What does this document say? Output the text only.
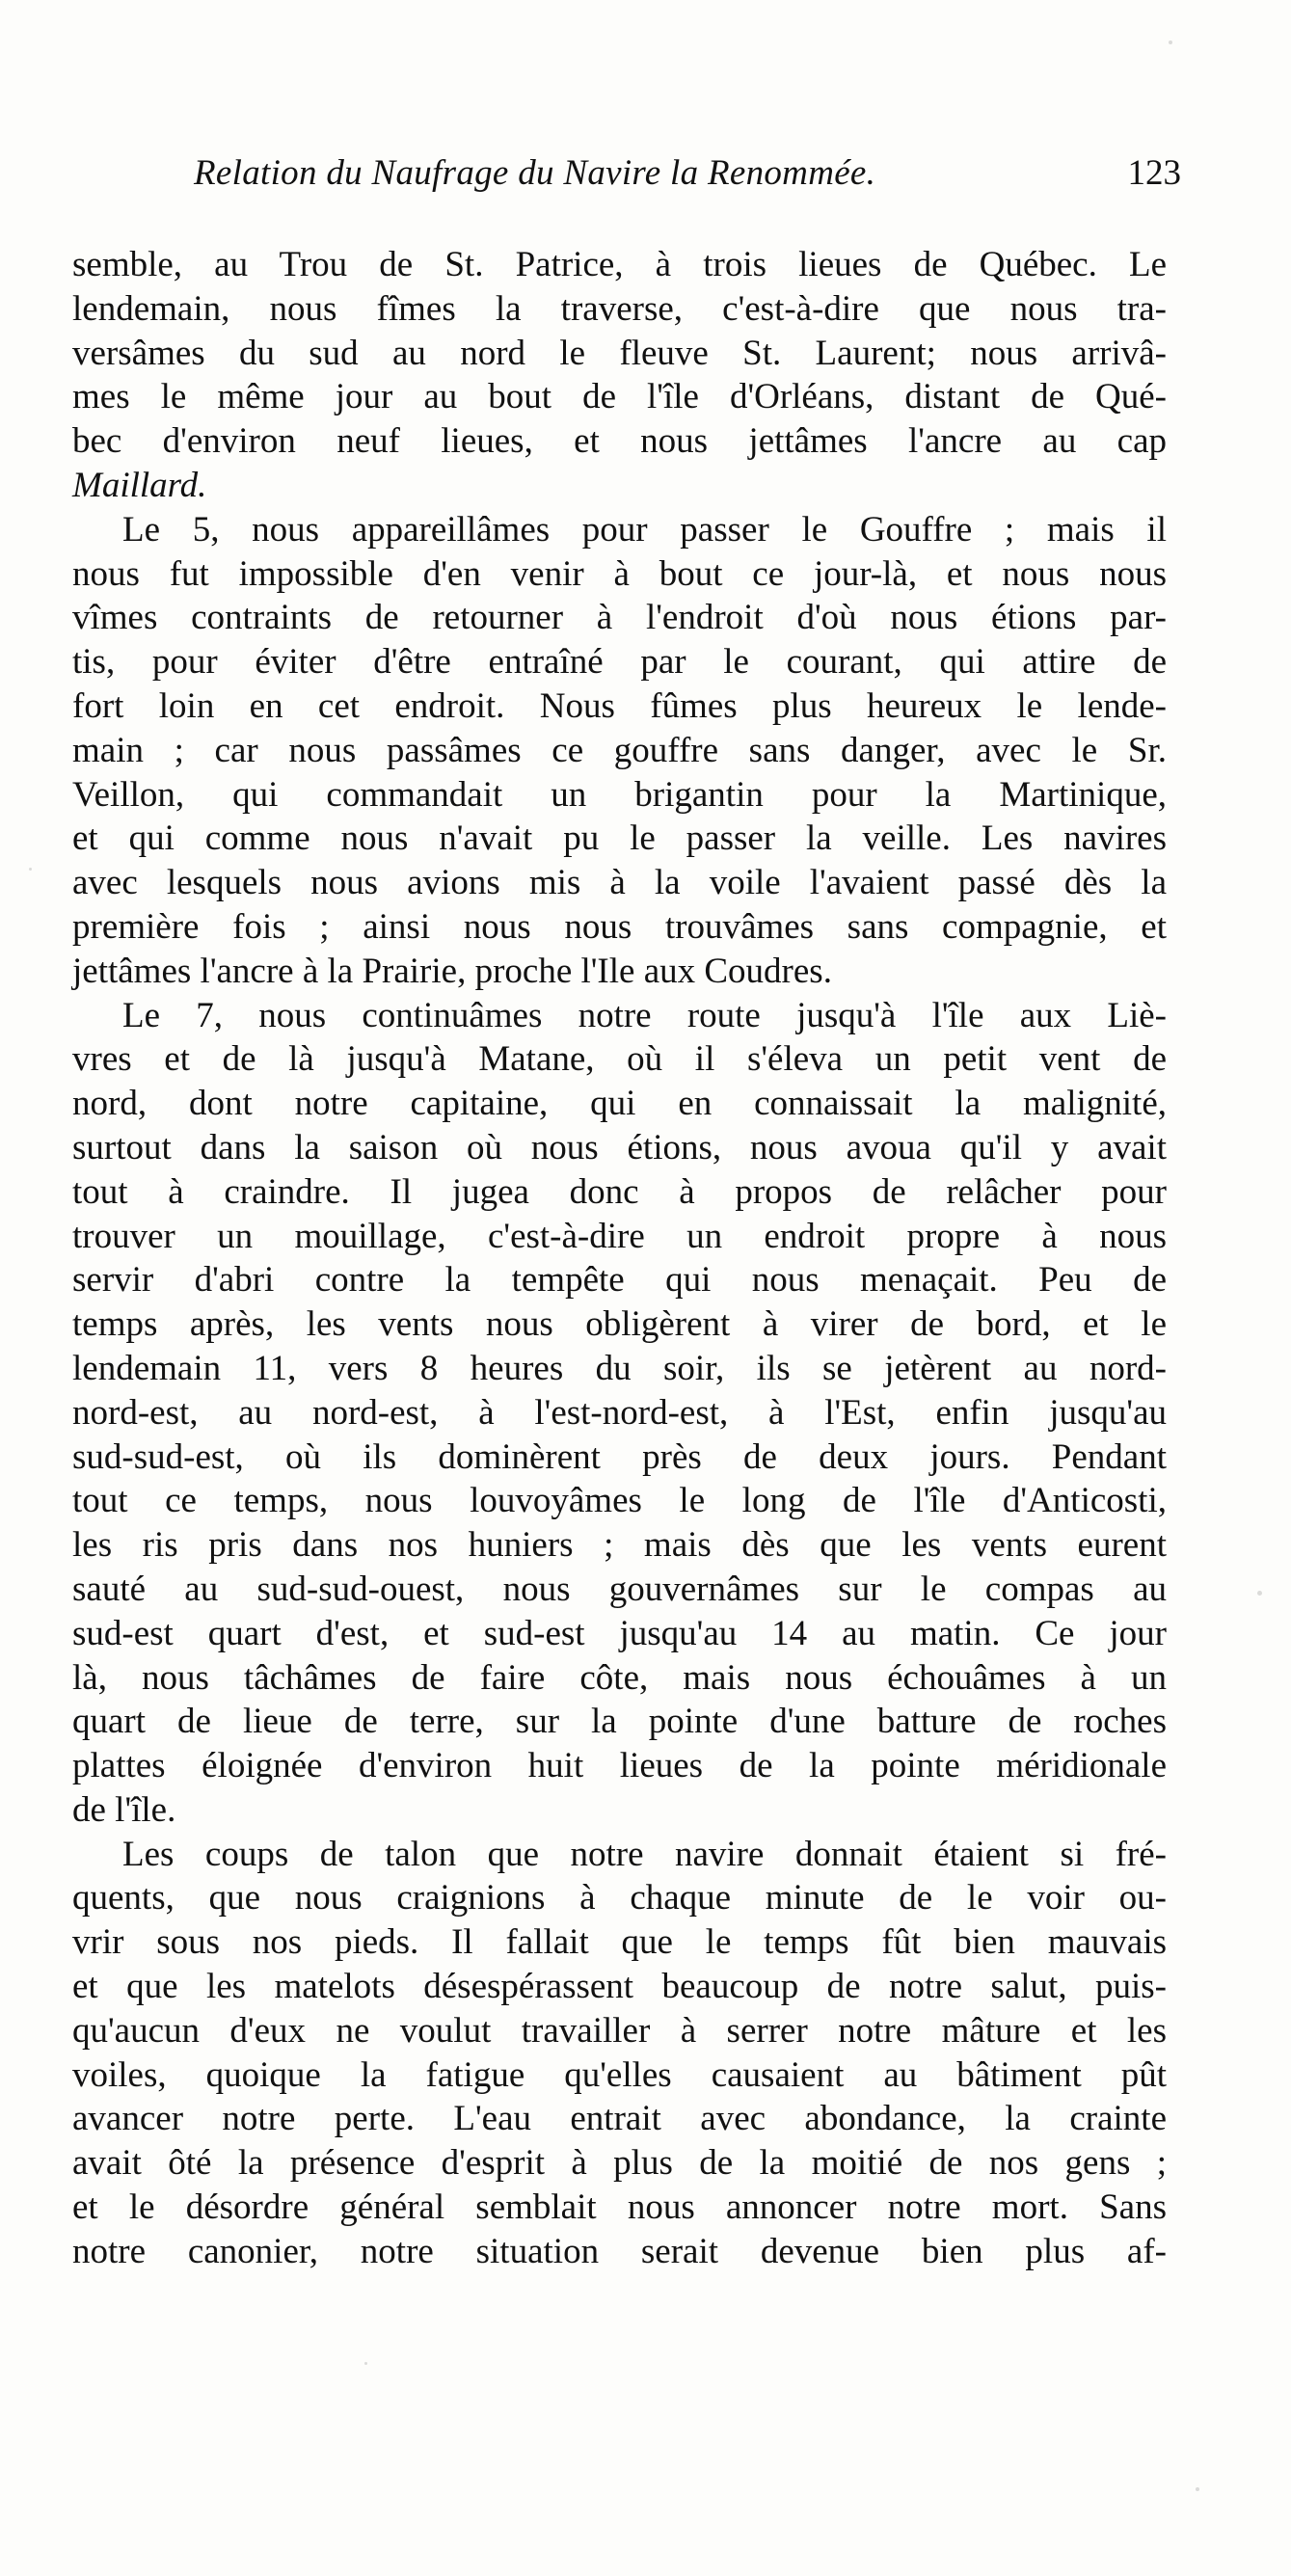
Relation du Naufrage du Navire la Renommée.	123
semble, au Trou de St. Patrice, à trois lieues de Québec. Le
lendemain, nous fîmes la traverse, c'est-à-dire que nous tra-
versâmes du sud au nord le fleuve St. Laurent; nous arrivâ-
mes le même jour au bout de l'île d'Orléans, distant de Qué-
bec d'environ neuf lieues, et nous jettâmes l'ancre au cap
Maillard.
Le 5, nous appareillâmes pour passer le Gouffre ; mais il
nous fut impossible d'en venir à bout ce jour-là, et nous nous
vîmes contraints de retourner à l'endroit d'où nous étions par-
tis, pour éviter d'être entraîné par le courant, qui attire de
fort loin en cet endroit. Nous fûmes plus heureux le lende-
main ; car nous passâmes ce gouffre sans danger, avec le Sr.
Veillon, qui commandait un brigantin pour la Martinique,
et qui comme nous n'avait pu le passer la veille. Les navires
avec lesquels nous avions mis à la voile l'avaient passé dès la
première fois ; ainsi nous nous trouvâmes sans compagnie, et
jettâmes l'ancre à la Prairie, proche l'Ile aux Coudres.
Le 7, nous continuâmes notre route jusqu'à l'île aux Liè-
vres et de là jusqu'à Matane, où il s'éleva un petit vent de
nord, dont notre capitaine, qui en connaissait la malignité,
surtout dans la saison où nous étions, nous avoua qu'il y avait
tout à craindre. Il jugea donc à propos de relâcher pour
trouver un mouillage, c'est-à-dire un endroit propre à nous
servir d'abri contre la tempête qui nous menaçait. Peu de
temps après, les vents nous obligèrent à virer de bord, et le
lendemain 11, vers 8 heures du soir, ils se jetèrent au nord-
nord-est, au nord-est, à l'est-nord-est, à l'Est, enfin jusqu'au
sud-sud-est, où ils dominèrent près de deux jours. Pendant
tout ce temps, nous louvoyâmes le long de l'île d'Anticosti,
les ris pris dans nos huniers ; mais dès que les vents eurent
sauté au sud-sud-ouest, nous gouvernâmes sur le compas au
sud-est quart d'est, et sud-est jusqu'au 14 au matin. Ce jour
là, nous tâchâmes de faire côte, mais nous échouâmes à un
quart de lieue de terre, sur la pointe d'une batture de roches
plattes éloignée d'environ huit lieues de la pointe méridionale
de l'île.
Les coups de talon que notre navire donnait étaient si fré-
quents, que nous craignions à chaque minute de le voir ou-
vrir sous nos pieds. Il fallait que le temps fût bien mauvais
et que les matelots désespérassent beaucoup de notre salut, puis-
qu'aucun d'eux ne voulut travailler à serrer notre mâture et les
voiles, quoique la fatigue qu'elles causaient au bâtiment pût
avancer notre perte. L'eau entrait avec abondance, la crainte
avait ôté la présence d'esprit à plus de la moitié de nos gens ;
et le désordre général semblait nous annoncer notre mort. Sans
notre canonier, notre situation serait devenue bien plus af-
